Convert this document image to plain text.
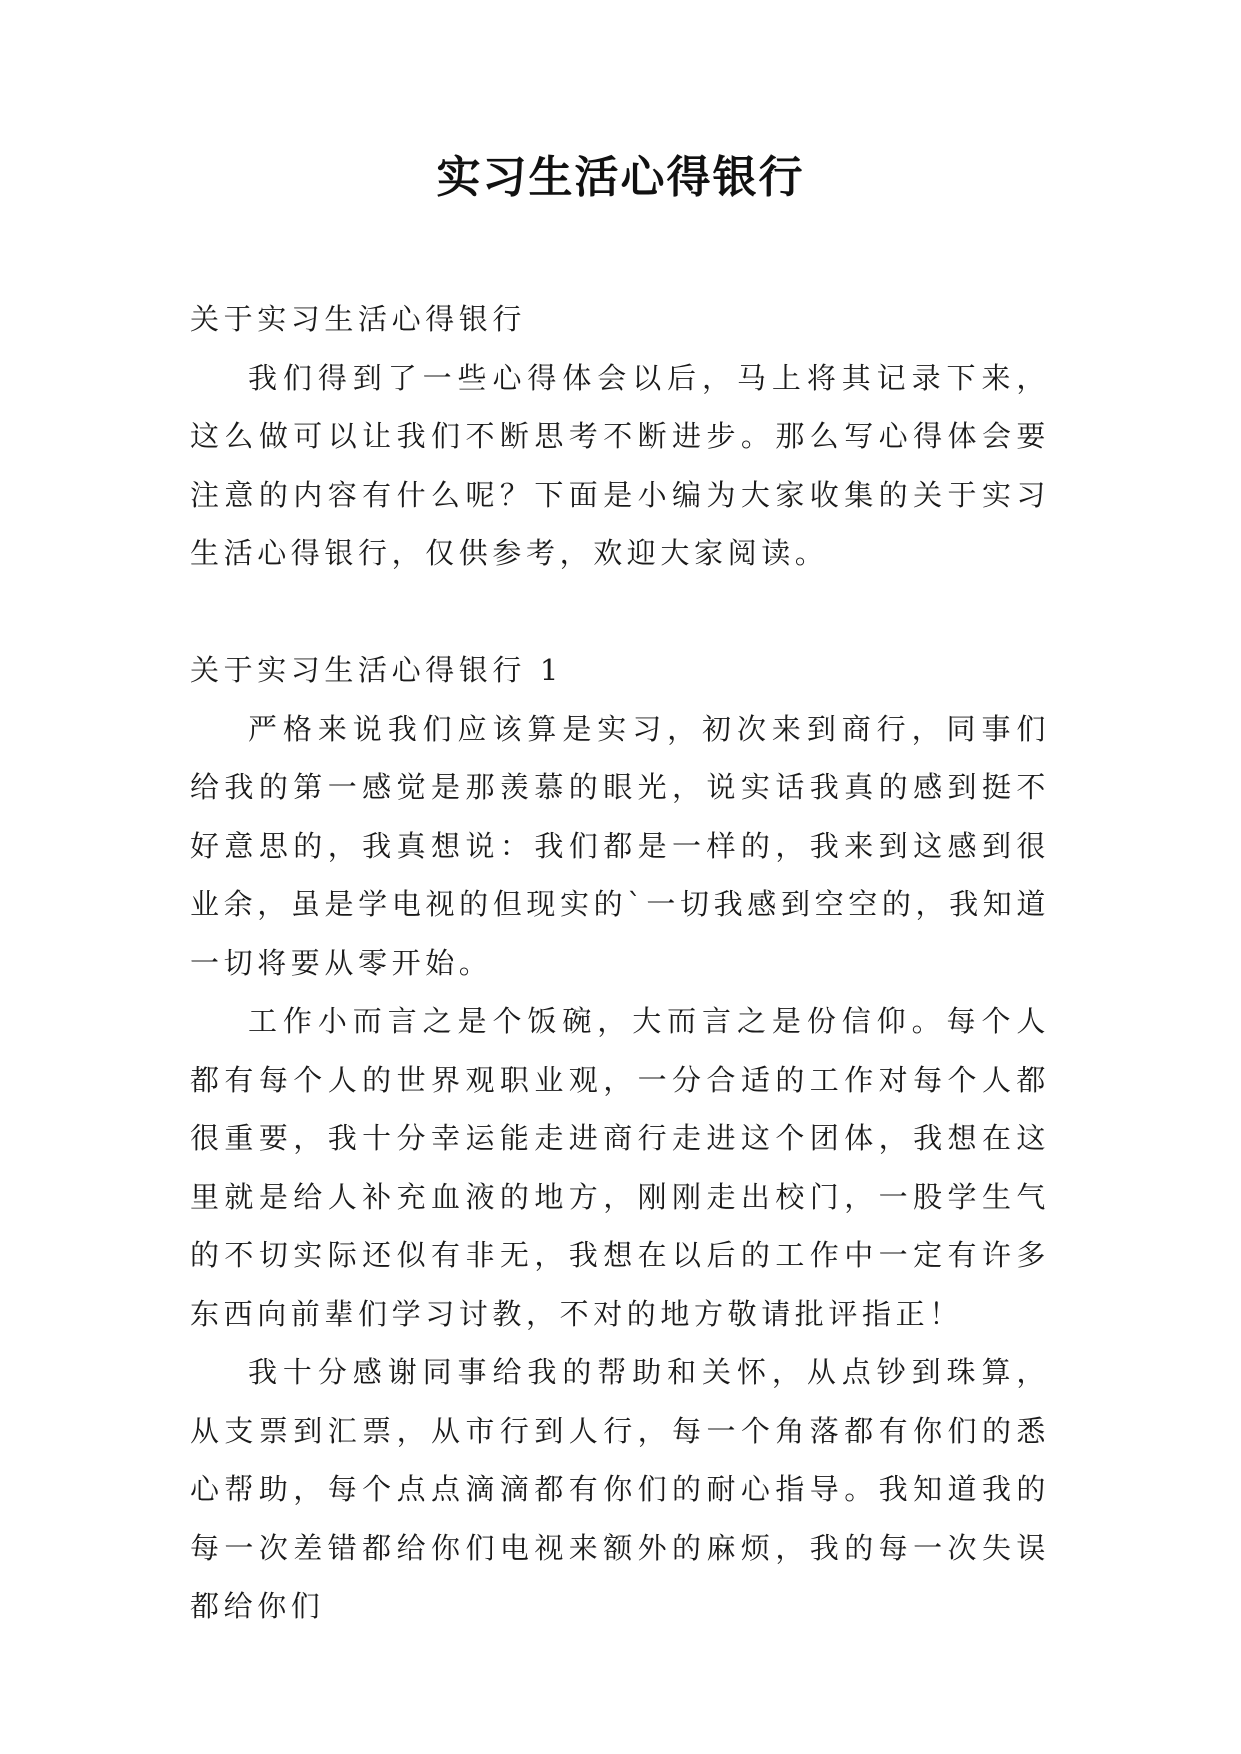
实习生活心得银行
关于实习生活心得银行

我们得到了一些心得体会以后，马上将其记录下来，这么做可以让我们不断思考不断进步。那么写心得体会要注意的内容有什么呢？下面是小编为大家收集的关于实习生活心得银行，仅供参考，欢迎大家阅读。

关于实习生活心得银行 1

严格来说我们应该算是实习，初次来到商行，同事们给我的第一感觉是那羡慕的眼光，说实话我真的感到挺不好意思的，我真想说：我们都是一样的，我来到这感到很业余，虽是学电视的但现实的`一切我感到空空的，我知道一切将要从零开始。

工作小而言之是个饭碗，大而言之是份信仰。每个人都有每个人的世界观职业观，一分合适的工作对每个人都很重要，我十分幸运能走进商行走进这个团体，我想在这里就是给人补充血液的地方，刚刚走出校门，一股学生气的不切实际还似有非无，我想在以后的工作中一定有许多东西向前辈们学习讨教，不对的地方敬请批评指正！

我十分感谢同事给我的帮助和关怀，从点钞到珠算，从支票到汇票，从市行到人行，每一个角落都有你们的悉心帮助，每个点点滴滴都有你们的耐心指导。我知道我的每一次差错都给你们电视来额外的麻烦，我的每一次失误都给你们
